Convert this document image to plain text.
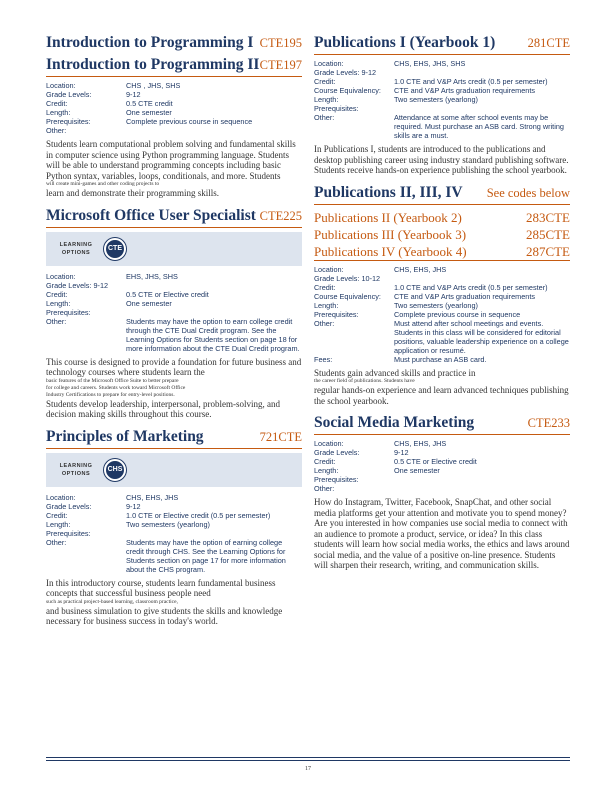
Introduction to Programming I CTE195
Introduction to Programming II CTE197
Location:	CHS , JHS, SHS
Grade Levels:	9-12
Credit:	0.5 CTE credit
Length:	One semester
Prerequisites:	Complete previous course in sequence
Other:
Students learn computational problem solving and fundamental skills in computer science using Python programming language. Students will be able to understand programming concepts including basic Python syntax, variables, loops, conditionals, and more. Students
will create mini-games and other coding projects to
learn and demonstrate their programming skills.
Microsoft Office User Specialist CTE225
LEARNING OPTIONS
CTE
Location:	EHS, JHS, SHS
Grade Levels: 9-12
Credit:	0.5 CTE or Elective credit
Length:	One semester
Prerequisites:
Other:	Students may have the option to earn college credit through the CTE Dual Credit program. See the Learning Options for Students section on page 18 for more information about the CTE Dual Credit program.
This course is designed to provide a foundation for future business and technology courses where students learn the
basic features of the Microsoft Office Suite to better prepare
for college and careers. Students work toward Microsoft Office
Industry Certifications to prepare for entry-level positions.
Students develop leadership, interpersonal, problem-solving, and decision making skills throughout this course.
Principles of Marketing	721CTE
LEARNING OPTIONS
CHS
Location:	CHS, EHS, JHS
Grade Levels:	9-12
Credit:	1.0 CTE or Elective credit (0.5 per semester)
Length:	Two semesters (yearlong)
Prerequisites:
Other:	Students may have the option of earning college credit through CHS. See the Learning Options for Students section on page 17 for more information about the CHS program.
In this introductory course, students learn fundamental business concepts that successful business people need
such as practical project-based learning, classroom practice,
and business simulation to give students the skills and knowledge necessary for business success in today's world.
Publications I (Yearbook 1)	281CTE
Location:	CHS, EHS, JHS, SHS
Grade Levels: 9-12
Credit:	1.0 CTE and V&P Arts credit (0.5 per semester)
Course Equivalency:	CTE and V&P Arts graduation requirements
Length:	Two semesters (yearlong)
Prerequisites:
Other:	Attendance at some after school events may be required. Must purchase an ASB card. Strong writing skills are a must.
In Publications I, students are introduced to the publications and desktop publishing career using industry standard publishing software. Students receive hands-on experience publishing the school yearbook.
Publications II, III, IV See codes below
Publications II (Yearbook 2)	283CTE
Publications III (Yearbook 3)	285CTE
Publications IV (Yearbook 4)	287CTE
Location:	CHS, EHS, JHS
Grade Levels: 10-12
Credit:	1.0 CTE and V&P Arts credit (0.5 per semester)
Course Equivalency:	CTE and V&P Arts graduation requirements
Length:	Two semesters (yearlong)
Prerequisites:	Complete previous course in sequence
Other:	Must attend after school meetings and events. Students in this class will be considered for editorial positions, valuable leadership experience on a college application or resumé.
Fees:	Must purchase an ASB card.
Students gain advanced skills and practice in
the career field of publications. Students have
regular hands-on experience and learn advanced techniques publishing the school yearbook.
Social Media Marketing	CTE233
Location:	CHS, EHS, JHS
Grade Levels:	9-12
Credit:	0.5 CTE or Elective credit
Length:	One semester
Prerequisites:
Other:
How do Instagram, Twitter, Facebook, SnapChat, and other social media platforms get your attention and motivate you to spend money? Are you interested in how companies use social media to connect with an audience to promote a product, service, or idea? In this class students will learn how social media works, the ethics and laws around social media, and the value of a positive on-line presence. Students will sharpen their research, writing, and communication skills.
17
